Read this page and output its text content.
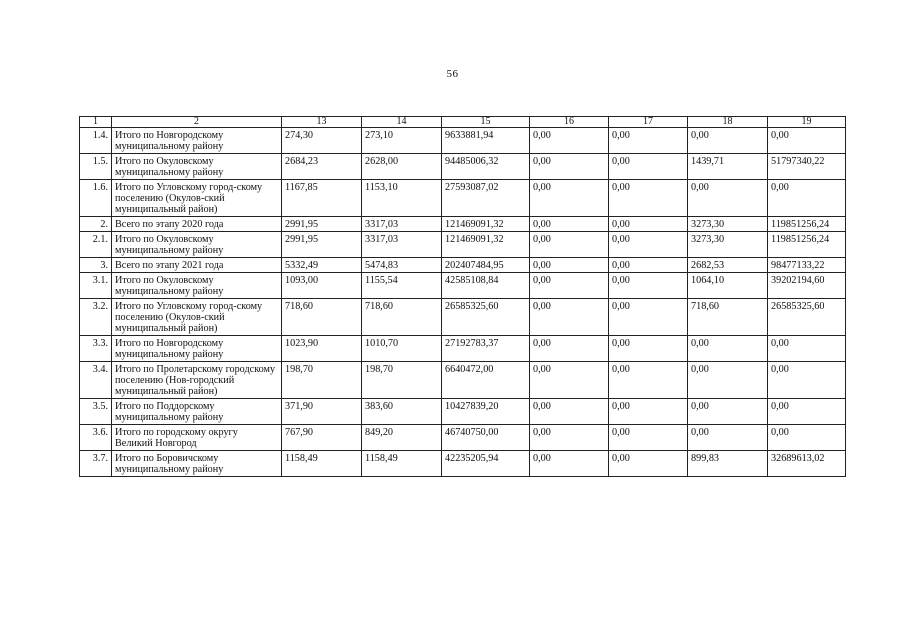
56
1	2	13	14	15	16	17	18	19
1.4.	Итого по Новгородскому муниципальному району	274,30	273,10	9633881,94	0,00	0,00	0,00	0,00
1.5.	Итого по Окуловскому муниципальному району	2684,23	2628,00	94485006,32	0,00	0,00	1439,71	51797340,22
1.6.	Итого по Угловскому город-скому поселению (Окулов-ский муниципальный район)	1167,85	1153,10	27593087,02	0,00	0,00	0,00	0,00
2.	Всего по этапу 2020 года	2991,95	3317,03	121469091,32	0,00	0,00	3273,30	119851256,24
2.1.	Итого по Окуловскому муниципальному району	2991,95	3317,03	121469091,32	0,00	0,00	3273,30	119851256,24
3.	Всего по этапу 2021 года	5332,49	5474,83	202407484,95	0,00	0,00	2682,53	98477133,22
3.1.	Итого по Окуловскому муниципальному району	1093,00	1155,54	42585108,84	0,00	0,00	1064,10	39202194,60
3.2.	Итого по Угловскому город-скому поселению (Окулов-ский муниципальный район)	718,60	718,60	26585325,60	0,00	0,00	718,60	26585325,60
3.3.	Итого по Новгородскому муниципальному району	1023,90	1010,70	27192783,37	0,00	0,00	0,00	0,00
3.4.	Итого по Пролетарскому городскому поселению (Нов-городский муниципальный район)	198,70	198,70	6640472,00	0,00	0,00	0,00	0,00
3.5.	Итого по Поддорскому муниципальному району	371,90	383,60	10427839,20	0,00	0,00	0,00	0,00
3.6.	Итого по городскому округу Великий Новгород	767,90	849,20	46740750,00	0,00	0,00	0,00	0,00
3.7.	Итого по Боровичскому муниципальному району	1158,49	1158,49	42235205,94	0,00	0,00	899,83	32689613,02
